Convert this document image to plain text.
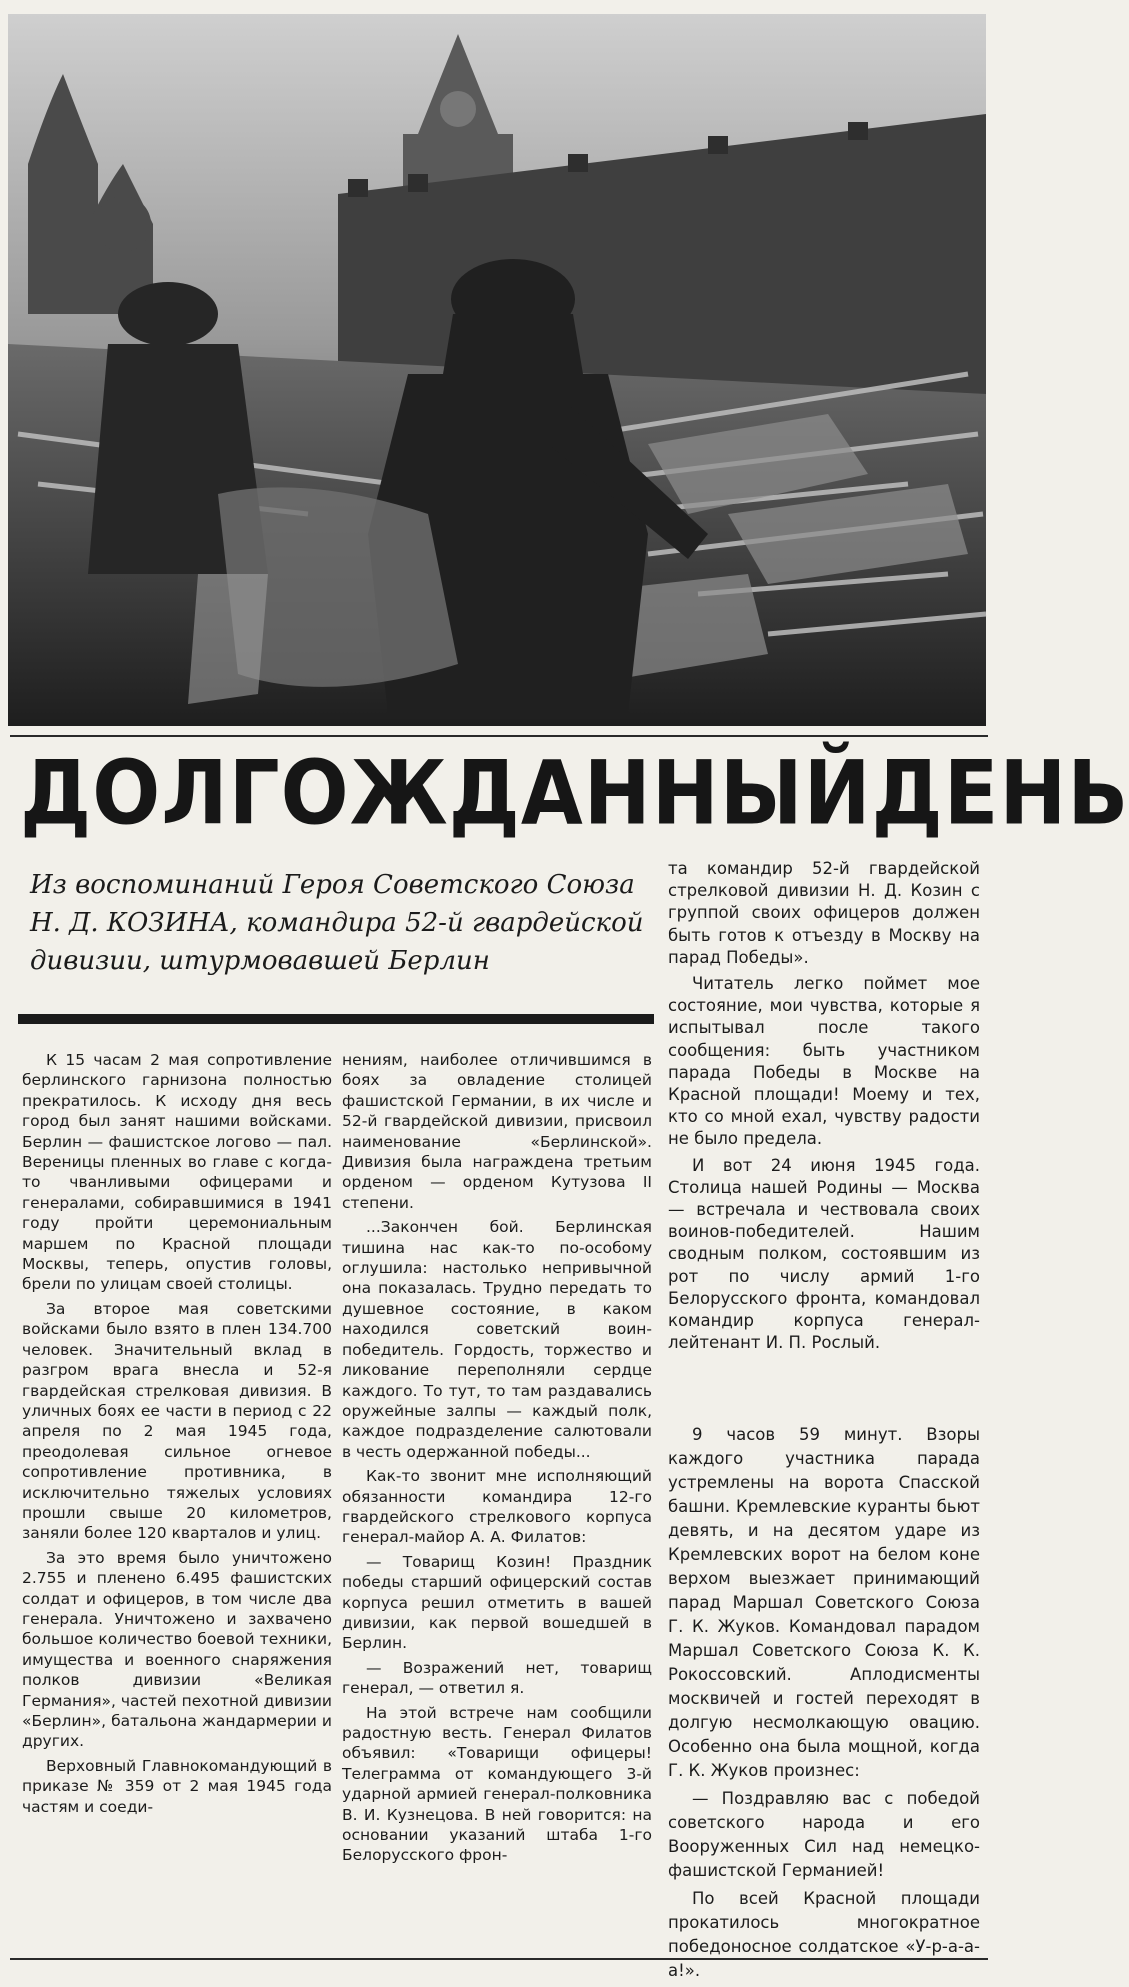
ДОЛГОЖДАННЫЙ ДЕНЬ

Из воспоминаний Героя Советского Союза Н. Д. КОЗИНА, командира 52-й гвардейской дивизии, штурмовавшей Берлин

К 15 часам 2 мая сопротивление берлинского гарнизона полностью прекратилось. К исходу дня весь город был занят нашими войсками. Берлин — фашистское логово — пал. Вереницы пленных во главе с когда-то чванливыми офицерами и генералами, собиравшимися в 1941 году пройти церемониальным маршем по Красной площади Москвы, теперь, опустив головы, брели по улицам своей столицы.

За второе мая советскими войсками было взято в плен 134.700 человек. Значительный вклад в разгром врага внесла и 52-я гвардейская стрелковая дивизия. В уличных боях ее части в период с 22 апреля по 2 мая 1945 года, преодолевая сильное огневое сопротивление противника, в исключительно тяжелых условиях прошли свыше 20 километров, заняли более 120 кварталов и улиц.

За это время было уничтожено 2.755 и пленено 6.495 фашистских солдат и офицеров, в том числе два генерала. Уничтожено и захвачено большое количество боевой техники, имущества и военного снаряжения полков дивизии «Великая Германия», частей пехотной дивизии «Берлин», батальона жандармерии и других.

Верховный Главнокомандующий в приказе № 359 от 2 мая 1945 года частям и соеди-

нениям, наиболее отличившимся в боях за овладение столицей фашистской Германии, в их числе и 52-й гвардейской дивизии, присвоил наименование «Берлинской». Дивизия была награждена третьим орденом — орденом Кутузова II степени.

...Закончен бой. Берлинская тишина нас как-то по-особому оглушила: настолько непривычной она показалась. Трудно передать то душевное состояние, в каком находился советский воин-победитель. Гордость, торжество и ликование переполняли сердце каждого. То тут, то там раздавались оружейные залпы — каждый полк, каждое подразделение салютовали в честь одержанной победы...

Как-то звонит мне исполняющий обязанности командира 12-го гвардейского стрелкового корпуса генерал-майор А. А. Филатов:

— Товарищ Козин! Праздник победы старший офицерский состав корпуса решил отметить в вашей дивизии, как первой вошедшей в Берлин.

— Возражений нет, товарищ генерал, — ответил я.

На этой встрече нам сообщили радостную весть. Генерал Филатов объявил: «Товарищи офицеры! Телеграмма от командующего 3-й ударной армией генерал-полковника В. И. Кузнецова. В ней говорится: на основании указаний штаба 1-го Белорусского фрон-

та командир 52-й гвардейской стрелковой дивизии Н. Д. Козин с группой своих офицеров должен быть готов к отъезду в Москву на парад Победы».

Читатель легко поймет мое состояние, мои чувства, которые я испытывал после такого сообщения: быть участником парада Победы в Москве на Красной площади! Моему и тех, кто со мной ехал, чувству радости не было предела.

И вот 24 июня 1945 года. Столица нашей Родины — Москва — встречала и чествовала своих воинов-победителей. Нашим сводным полком, состоявшим из рот по числу армий 1-го Белорусского фронта, командовал командир корпуса генерал-лейтенант И. П. Рослый.

9 часов 59 минут. Взоры каждого участника парада устремлены на ворота Спасской башни. Кремлевские куранты бьют девять, и на десятом ударе из Кремлевских ворот на белом коне верхом выезжает принимающий парад Маршал Советского Союза Г. К. Жуков. Командовал парадом Маршал Советского Союза К. К. Рокоссовский. Аплодисменты москвичей и гостей переходят в долгую несмолкающую овацию. Особенно она была мощной, когда Г. К. Жуков произнес:

— Поздравляю вас с победой советского народа и его Вооруженных Сил над немецко-фашистской Германией!

По всей Красной площади прокатилось многократное победоносное солдатское «У-р-а-а-а!».
